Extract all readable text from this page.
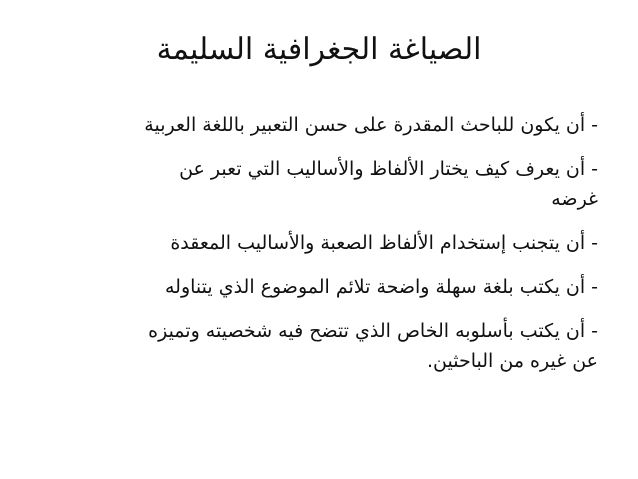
الصياغة الجغرافية السليمة
-أن يكون للباحث المقدرة على حسن التعبير باللغة العربية
-أن يعرف كيف يختار الألفاظ والأساليب التي تعبر عن
غرضه
-أن يتجنب إستخدام الألفاظ الصعبة والأساليب المعقدة
-أن يكتب بلغة سهلة واضحة تلائم الموضوع الذي يتناوله
-أن يكتب بأسلوبه الخاص الذي تتضح فيه شخصيته وتميزه
عن غيره من الباحثين.
